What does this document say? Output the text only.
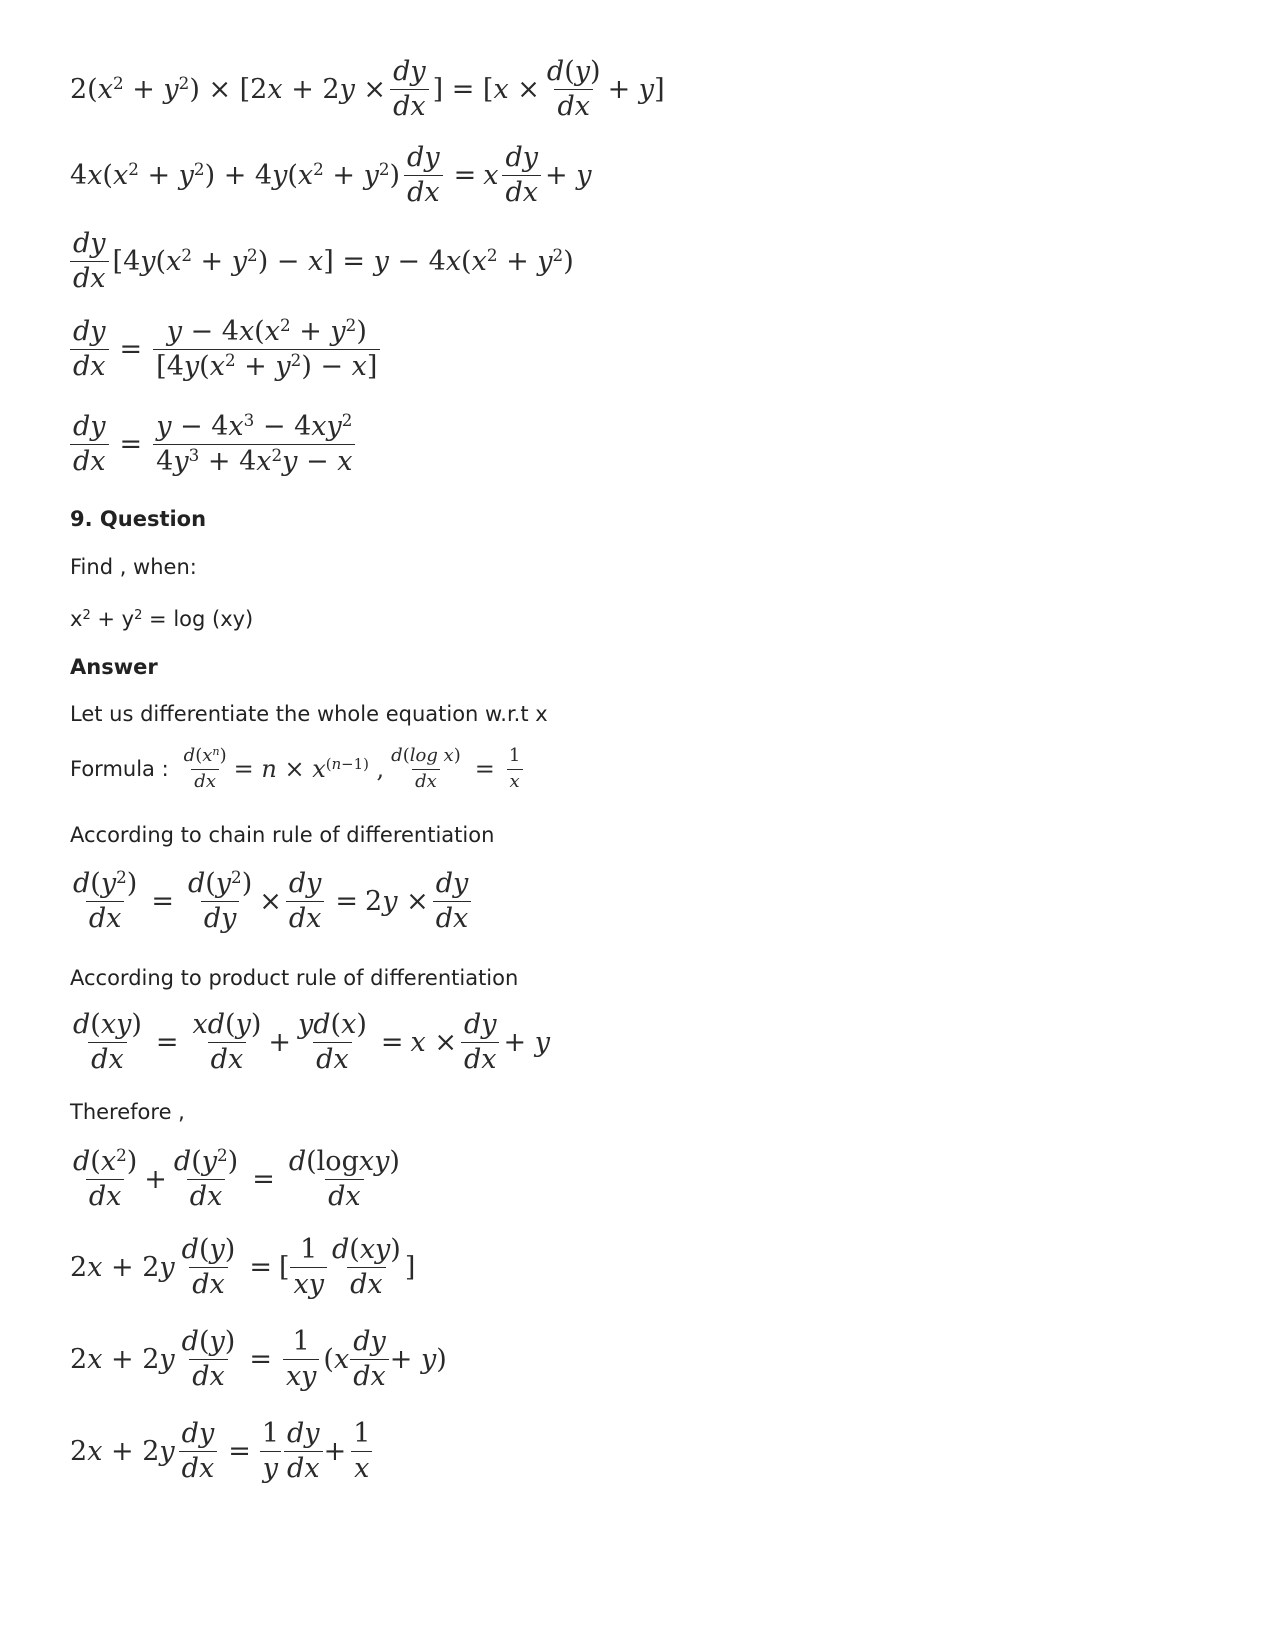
$2(x^2 + y^2) \times [2x + 2y \times \frac{dy}{dx}$ ] = $[x \times \frac{d(y)}{dx} + y]$
$4x(x^2 + y^2) + 4y(x^2 + y^2) \frac{dy}{dx} = x \frac{dy}{dx} + y$
$\frac{dy}{dx} [4y(x^2 + y^2) - x] = y - 4x(x^2 + y^2)$
$\frac{dy}{dx} = \frac{y - 4x(x^2 + y^2)}{[4y(x^2 + y^2) - x]}$
$\frac{dy}{dx} = \frac{y - 4x^3 - 4xy^2}{4y^3 + 4x^2y - x}$
9. Question
Find , when:
$x^2 + y^2 = \log (xy)$
Answer
Let us differentiate the whole equation w.r.t x
Formula : $\frac{d(x^n)}{dx} = n \times x^{(n-1)}$ , $\frac{\text{d(log x)}}{dx} = \frac{1}{x}$
According to chain rule of differentiation
$\frac{d(y^2)}{dx} = \frac{d(y^2)}{dy} \times \frac{dy}{dx} = 2y \times \frac{dy}{dx}$
According to product rule of differentiation
$\frac{d(xy)}{dx} = \frac{xd(y)}{dx} + \frac{yd(x)}{dx} = x \times \frac{dy}{dx} + y$
Therefore ,
$\frac{d(x^2)}{dx} + \frac{d(y^2)}{dx} = \frac{\text{d(logxy)}}{dx}$
$2x + 2y \frac{d(y)}{dx}$ = [ $\frac{1}{xy} \frac{d(xy)}{dx}$ ]
$2x + 2y \frac{d(y)}{dx} = \frac{1}{xy} (x \frac{dy}{dx} + y)$
$2x + 2y \frac{dy}{dx} = \frac{1}{y} \frac{dy}{dx} + \frac{1}{x}$
